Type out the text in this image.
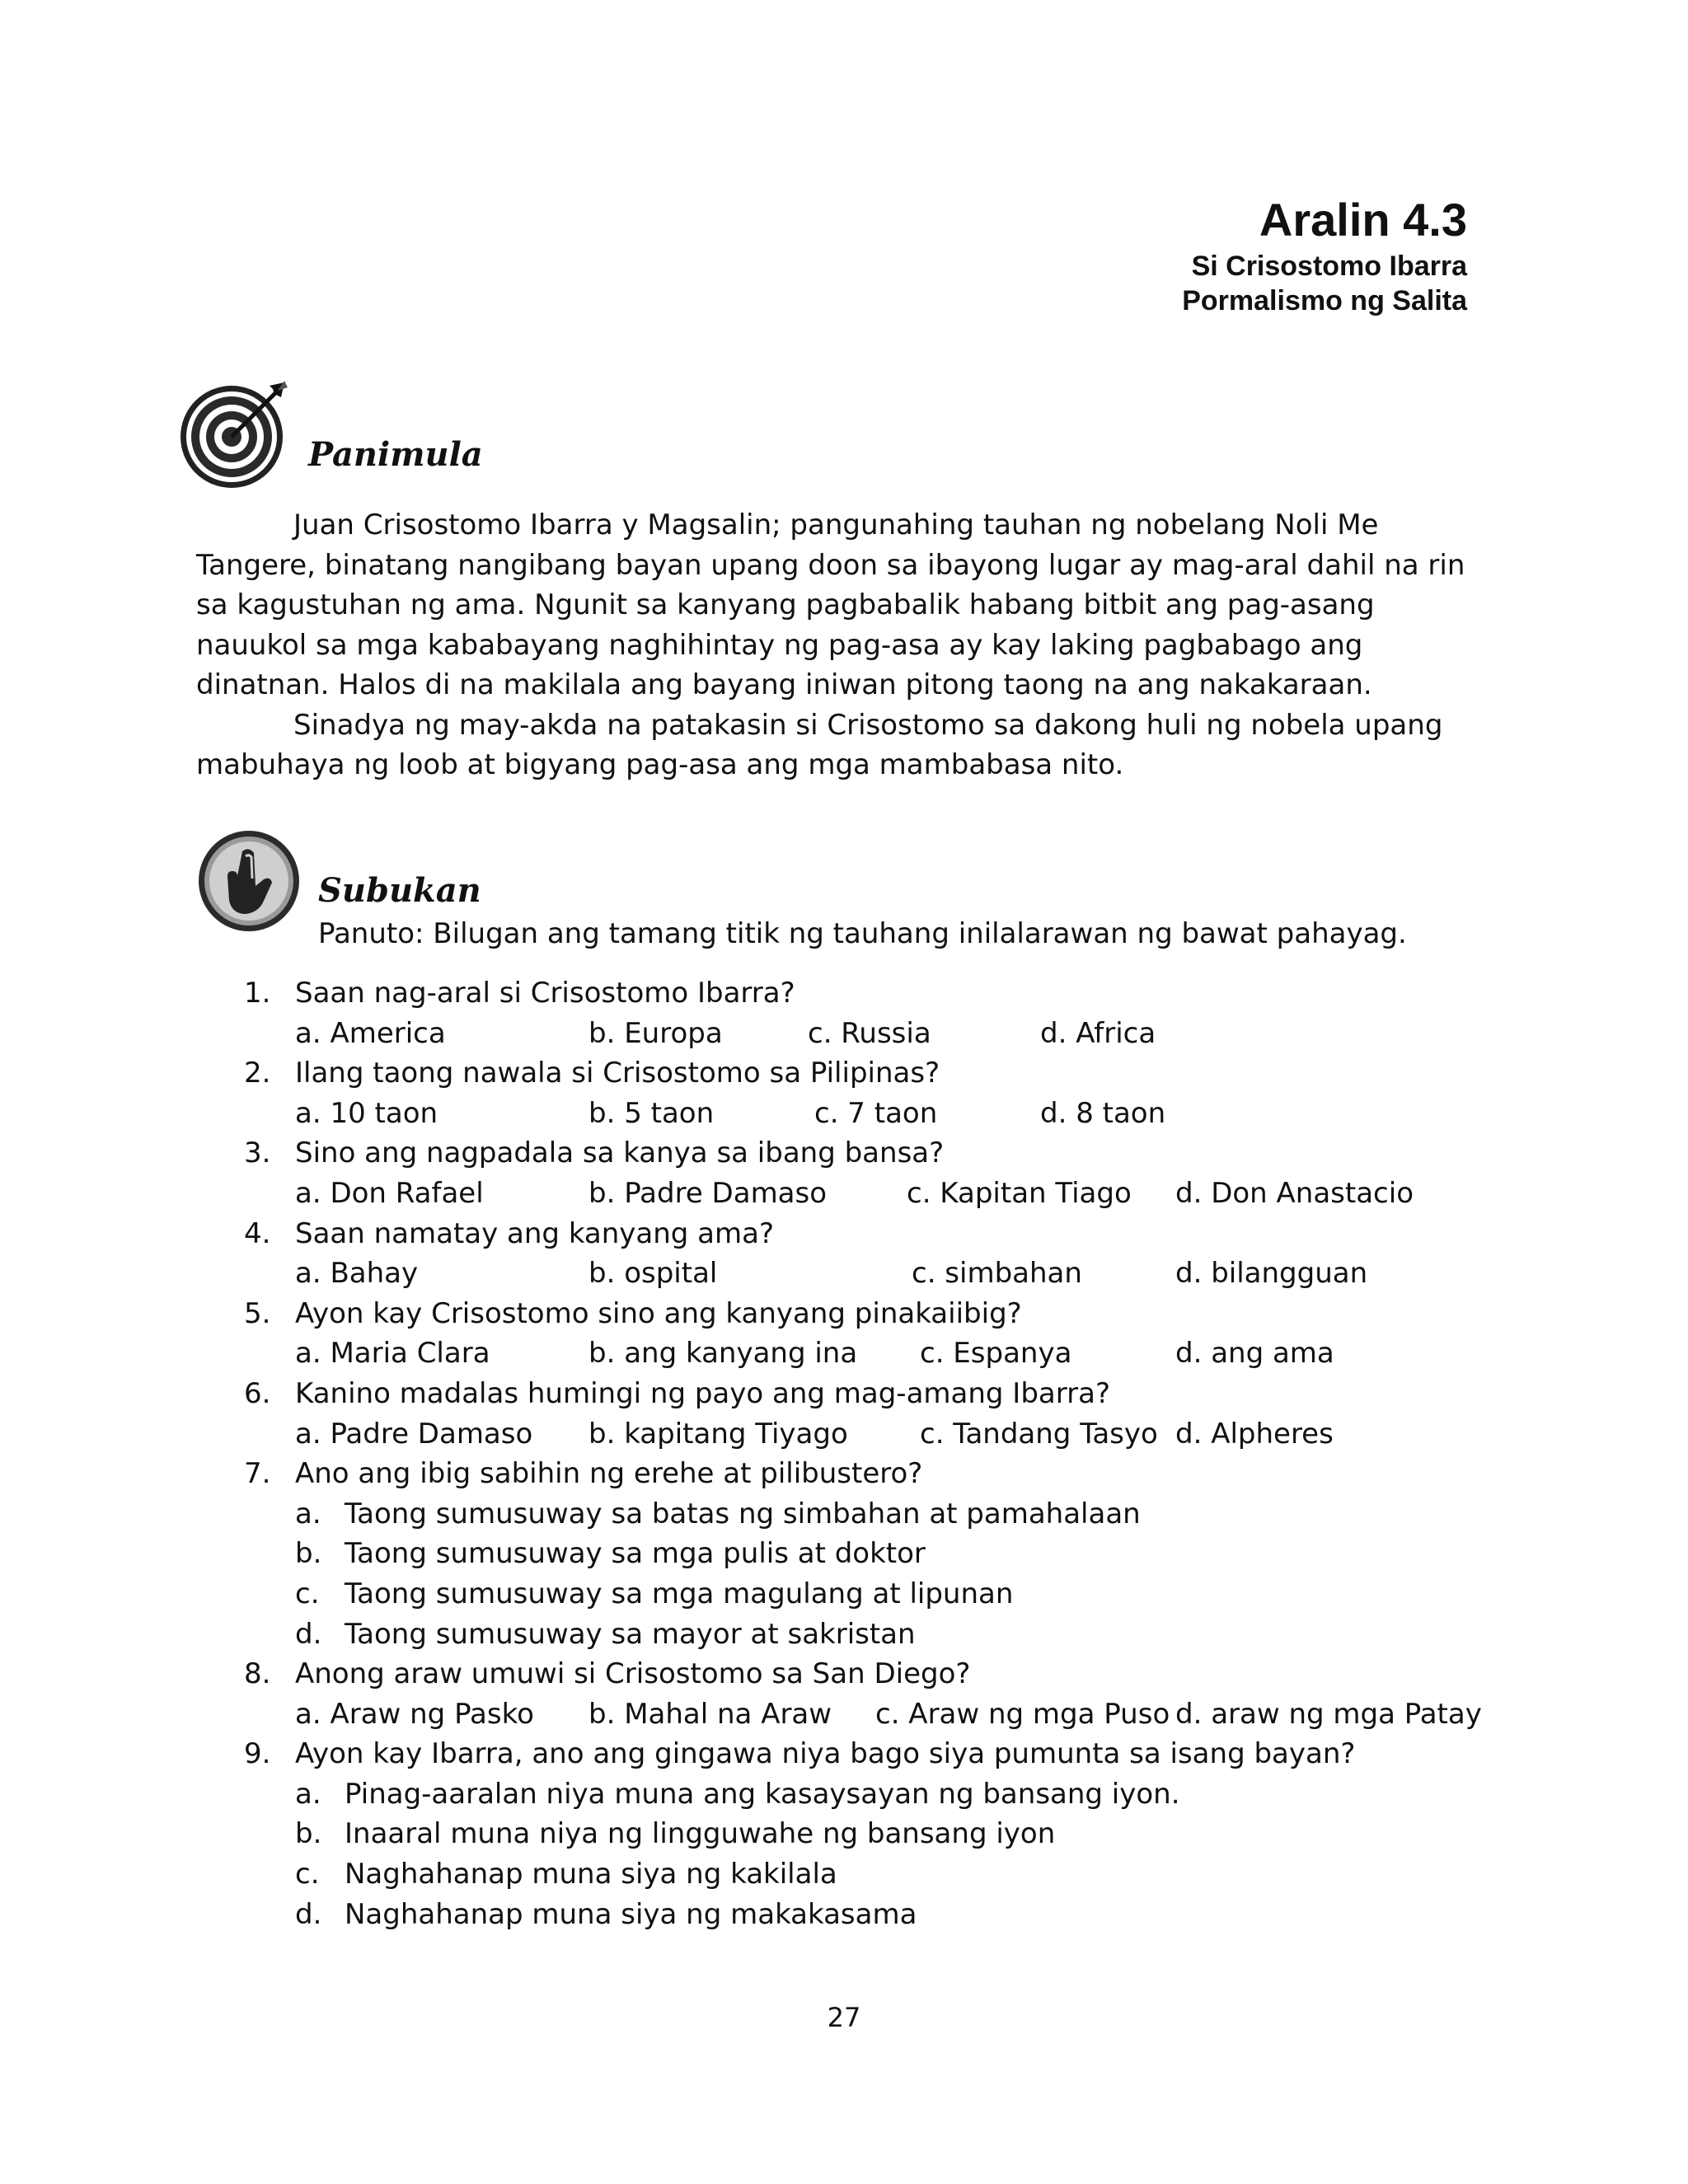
Aralin 4.3
Si Crisostomo Ibarra
Pormalismo ng Salita
Panimula

Juan Crisostomo Ibarra y Magsalin; pangunahing tauhan ng nobelang Noli Me Tangere, binatang nangibang bayan upang doon sa ibayong lugar ay mag-aral dahil na rin sa kagustuhan ng ama. Ngunit sa kanyang pagbabalik habang bitbit ang pag-asang nauukol sa mga kababayang naghihintay ng pag-asa ay kay laking pagbabago ang dinatnan. Halos di na makilala ang bayang iniwan pitong taong na ang nakakaraan.

Sinadya ng may-akda na patakasin si Crisostomo sa dakong huli ng nobela upang mabuhaya ng loob at bigyang pag-asa ang mga mambabasa nito.

Subukan
Panuto: Bilugan ang tamang titik ng tauhang inilalarawan ng bawat pahayag.
1. Saan nag-aral si Crisostomo Ibarra?
a. America	b. Europa	c. Russia	d. Africa
2. Ilang taong nawala si Crisostomo sa Pilipinas?
a. 10 taon	b. 5 taon	c. 7 taon	d. 8 taon
3. Sino ang nagpadala sa kanya sa ibang bansa?
a. Don Rafael	b. Padre Damaso	c. Kapitan Tiago d. Don Anastacio
4. Saan namatay ang kanyang ama?
a. Bahay	b. ospital	c. simbahan	d. bilangguan
5. Ayon kay Crisostomo sino ang kanyang pinakaiibig?
a. Maria Clara	b. ang kanyang ina c. Espanya	d. ang ama
6. Kanino madalas humingi ng payo ang mag-amang Ibarra?
a. Padre Damaso b. kapitang Tiyago	c. Tandang Tasyo d. Alpheres
7. Ano ang ibig sabihin ng erehe at pilibustero?
a. Taong sumusuway sa batas ng simbahan at pamahalaan
b. Taong sumusuway sa mga pulis at doktor
c. Taong sumusuway sa mga magulang at lipunan
d. Taong sumusuway sa mayor at sakristan
8. Anong araw umuwi si Crisostomo sa San Diego?
a. Araw ng Pasko b. Mahal na Araw c. Araw ng mga Puso d. araw ng mga Patay
9. Ayon kay Ibarra, ano ang gingawa niya bago siya pumunta sa isang bayan?
a. Pinag-aaralan niya muna ang kasaysayan ng bansang iyon.
b. Inaaral muna niya ng lingguwahe ng bansang iyon
c. Naghahanap muna siya ng kakilala
d. Naghahanap muna siya ng makakasama
27
